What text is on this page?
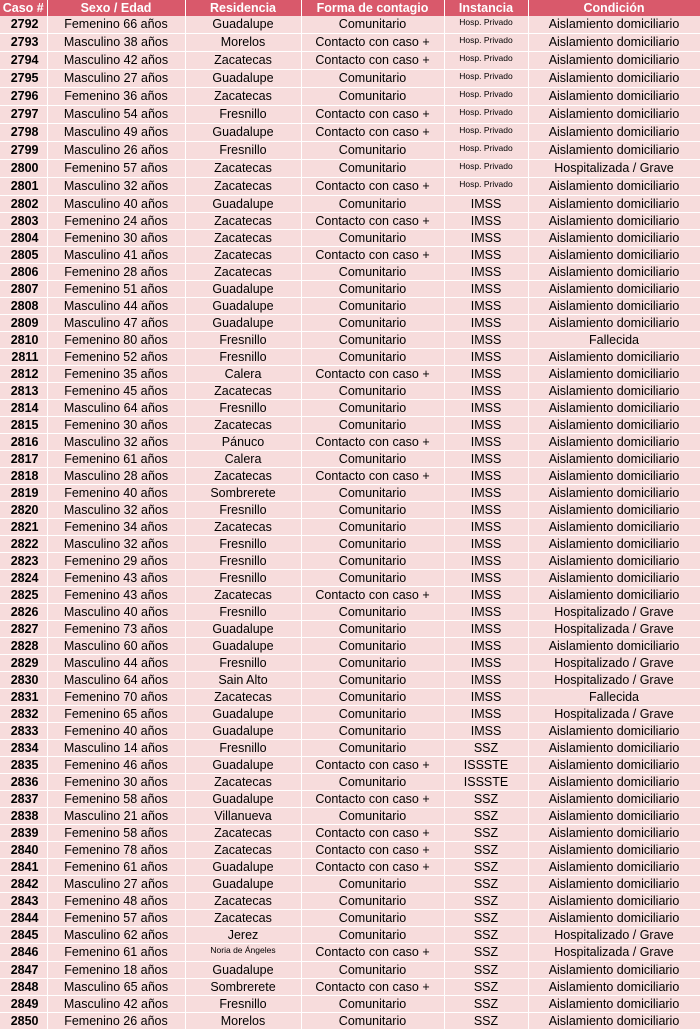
Caso #	Sexo / Edad	Residencia	Forma de contagio	Instancia	Condición
2792	Femenino 66 años	Guadalupe	Comunitario	Hosp. Privado	Aislamiento domiciliario
2793	Masculino 38 años	Morelos	Contacto con caso +	Hosp. Privado	Aislamiento domiciliario
2794	Masculino 42 años	Zacatecas	Contacto con caso +	Hosp. Privado	Aislamiento domiciliario
2795	Masculino 27 años	Guadalupe	Comunitario	Hosp. Privado	Aislamiento domiciliario
2796	Femenino 36 años	Zacatecas	Comunitario	Hosp. Privado	Aislamiento domiciliario
2797	Masculino 54 años	Fresnillo	Contacto con caso +	Hosp. Privado	Aislamiento domiciliario
2798	Masculino 49 años	Guadalupe	Contacto con caso +	Hosp. Privado	Aislamiento domiciliario
2799	Masculino 26 años	Fresnillo	Comunitario	Hosp. Privado	Aislamiento domiciliario
2800	Femenino 57 años	Zacatecas	Comunitario	Hosp. Privado	Hospitalizada / Grave
2801	Masculino 32 años	Zacatecas	Contacto con caso +	Hosp. Privado	Aislamiento domiciliario
2802	Masculino 40 años	Guadalupe	Comunitario	IMSS	Aislamiento domiciliario
2803	Femenino 24 años	Zacatecas	Contacto con caso +	IMSS	Aislamiento domiciliario
2804	Femenino 30 años	Zacatecas	Comunitario	IMSS	Aislamiento domiciliario
2805	Masculino 41 años	Zacatecas	Contacto con caso +	IMSS	Aislamiento domiciliario
2806	Femenino 28 años	Zacatecas	Comunitario	IMSS	Aislamiento domiciliario
2807	Femenino 51 años	Guadalupe	Comunitario	IMSS	Aislamiento domiciliario
2808	Masculino 44 años	Guadalupe	Comunitario	IMSS	Aislamiento domiciliario
2809	Masculino 47 años	Guadalupe	Comunitario	IMSS	Aislamiento domiciliario
2810	Femenino 80 años	Fresnillo	Comunitario	IMSS	Fallecida
2811	Femenino 52 años	Fresnillo	Comunitario	IMSS	Aislamiento domiciliario
2812	Femenino 35 años	Calera	Contacto con caso +	IMSS	Aislamiento domiciliario
2813	Femenino 45 años	Zacatecas	Comunitario	IMSS	Aislamiento domiciliario
2814	Masculino 64 años	Fresnillo	Comunitario	IMSS	Aislamiento domiciliario
2815	Femenino 30 años	Zacatecas	Comunitario	IMSS	Aislamiento domiciliario
2816	Masculino 32 años	Pánuco	Contacto con caso +	IMSS	Aislamiento domiciliario
2817	Femenino 61 años	Calera	Comunitario	IMSS	Aislamiento domiciliario
2818	Masculino 28 años	Zacatecas	Contacto con caso +	IMSS	Aislamiento domiciliario
2819	Femenino 40 años	Sombrerete	Comunitario	IMSS	Aislamiento domiciliario
2820	Masculino 32 años	Fresnillo	Comunitario	IMSS	Aislamiento domiciliario
2821	Femenino 34 años	Zacatecas	Comunitario	IMSS	Aislamiento domiciliario
2822	Masculino 32 años	Fresnillo	Comunitario	IMSS	Aislamiento domiciliario
2823	Femenino 29 años	Fresnillo	Comunitario	IMSS	Aislamiento domiciliario
2824	Femenino 43 años	Fresnillo	Comunitario	IMSS	Aislamiento domiciliario
2825	Femenino 43 años	Zacatecas	Contacto con caso +	IMSS	Aislamiento domiciliario
2826	Masculino 40 años	Fresnillo	Comunitario	IMSS	Hospitalizado / Grave
2827	Femenino 73 años	Guadalupe	Comunitario	IMSS	Hospitalizada / Grave
2828	Masculino 60 años	Guadalupe	Comunitario	IMSS	Aislamiento domiciliario
2829	Masculino 44 años	Fresnillo	Comunitario	IMSS	Hospitalizado / Grave
2830	Masculino 64 años	Sain Alto	Comunitario	IMSS	Hospitalizado / Grave
2831	Femenino 70 años	Zacatecas	Comunitario	IMSS	Fallecida
2832	Femenino 65 años	Guadalupe	Comunitario	IMSS	Hospitalizada / Grave
2833	Femenino 40 años	Guadalupe	Comunitario	IMSS	Aislamiento domiciliario
2834	Masculino 14 años	Fresnillo	Comunitario	SSZ	Aislamiento domiciliario
2835	Femenino 46 años	Guadalupe	Contacto con caso +	ISSSTE	Aislamiento domiciliario
2836	Femenino 30 años	Zacatecas	Comunitario	ISSSTE	Aislamiento domiciliario
2837	Femenino 58 años	Guadalupe	Contacto con caso +	SSZ	Aislamiento domiciliario
2838	Masculino 21 años	Villanueva	Comunitario	SSZ	Aislamiento domiciliario
2839	Femenino 58 años	Zacatecas	Contacto con caso +	SSZ	Aislamiento domiciliario
2840	Femenino 78 años	Zacatecas	Contacto con caso +	SSZ	Aislamiento domiciliario
2841	Femenino 61 años	Guadalupe	Contacto con caso +	SSZ	Aislamiento domiciliario
2842	Masculino 27 años	Guadalupe	Comunitario	SSZ	Aislamiento domiciliario
2843	Femenino 48 años	Zacatecas	Comunitario	SSZ	Aislamiento domiciliario
2844	Femenino 57 años	Zacatecas	Comunitario	SSZ	Aislamiento domiciliario
2845	Masculino 62 años	Jerez	Comunitario	SSZ	Hospitalizado / Grave
2846	Femenino 61 años	Noria de Ángeles	Contacto con caso +	SSZ	Hospitalizada / Grave
2847	Femenino 18 años	Guadalupe	Comunitario	SSZ	Aislamiento domiciliario
2848	Masculino 65 años	Sombrerete	Contacto con caso +	SSZ	Aislamiento domiciliario
2849	Masculino 42 años	Fresnillo	Comunitario	SSZ	Aislamiento domiciliario
2850	Femenino 26 años	Morelos	Comunitario	SSZ	Aislamiento domiciliario
